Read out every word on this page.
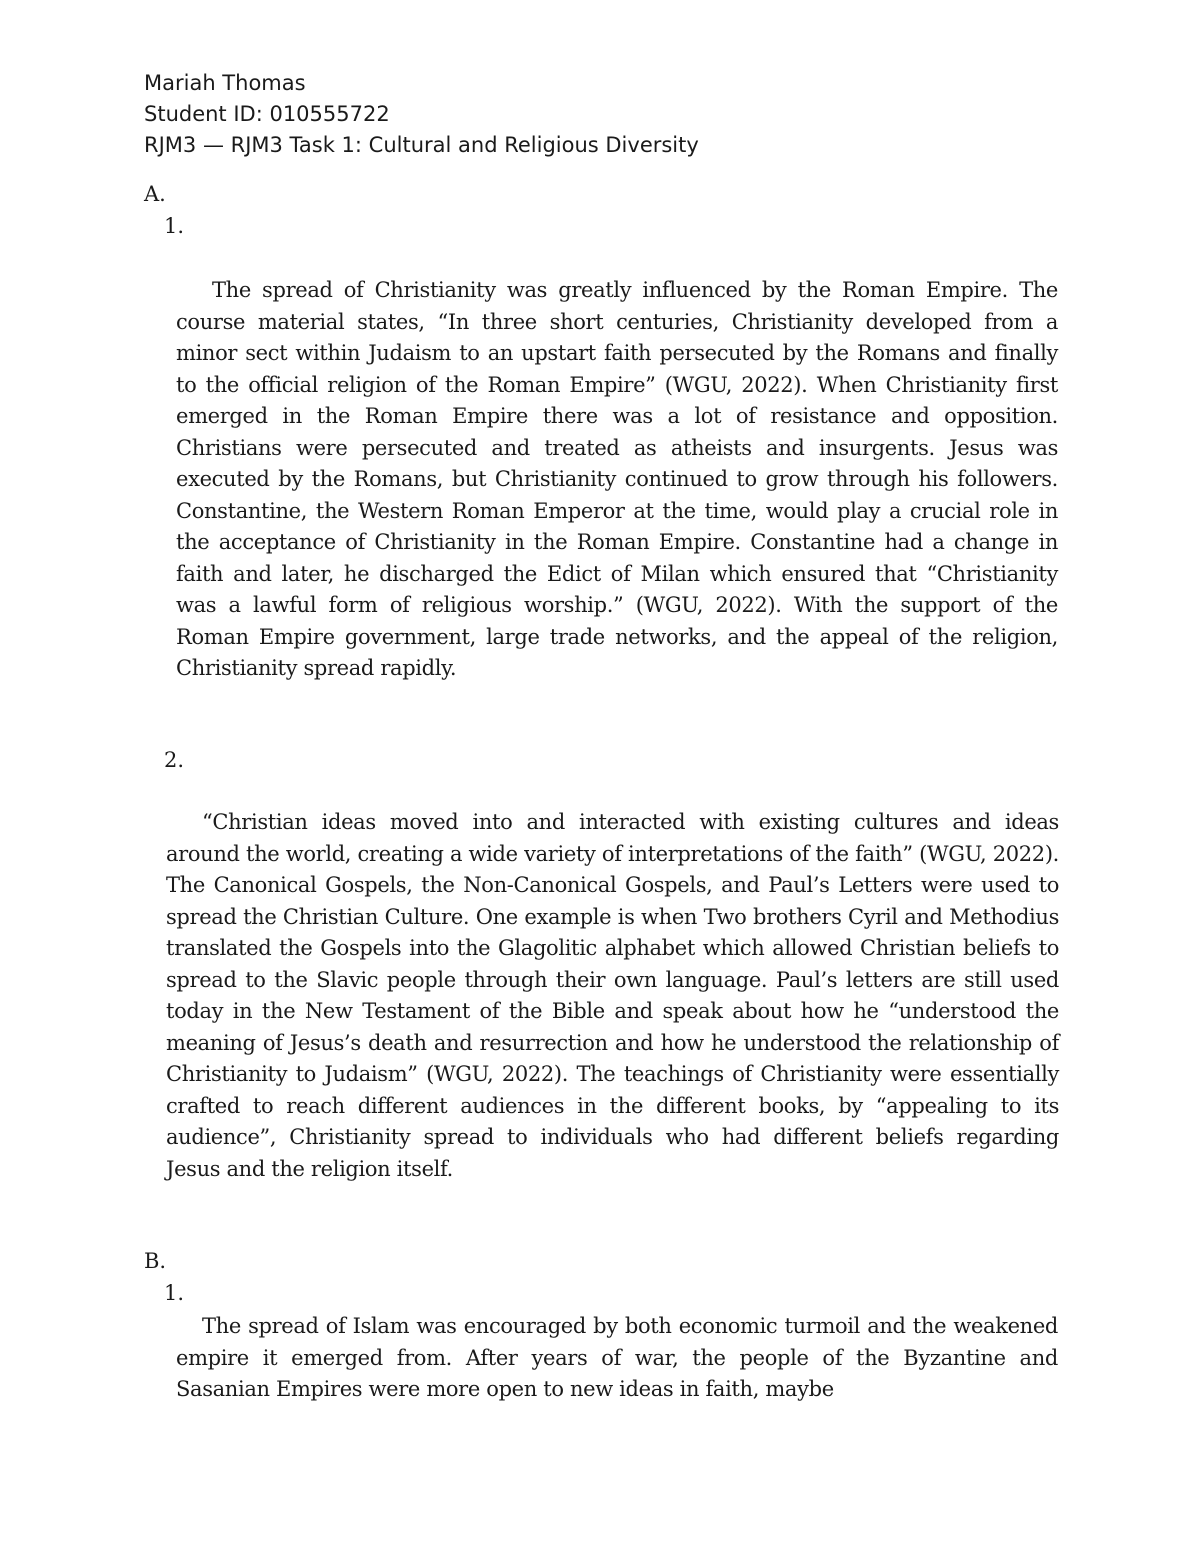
Mariah Thomas
Student ID: 010555722
RJM3 — RJM3 Task 1: Cultural and Religious Diversity
A.
1.
The spread of Christianity was greatly influenced by the Roman Empire. The course material states, “In three short centuries, Christianity developed from a minor sect within Judaism to an upstart faith persecuted by the Romans and finally to the official religion of the Roman Empire” (WGU, 2022). When Christianity first emerged in the Roman Empire there was a lot of resistance and opposition. Christians were persecuted and treated as atheists and insurgents. Jesus was executed by the Romans, but Christianity continued to grow through his followers. Constantine, the Western Roman Emperor at the time, would play a crucial role in the acceptance of Christianity in the Roman Empire. Constantine had a change in faith and later, he discharged the Edict of Milan which ensured that “Christianity was a lawful form of religious worship.” (WGU, 2022). With the support of the Roman Empire government, large trade networks, and the appeal of the religion, Christianity spread rapidly.
2.
“Christian ideas moved into and interacted with existing cultures and ideas around the world, creating a wide variety of interpretations of the faith” (WGU, 2022). The Canonical Gospels, the Non-Canonical Gospels, and Paul’s Letters were used to spread the Christian Culture. One example is when Two brothers Cyril and Methodius translated the Gospels into the Glagolitic alphabet which allowed Christian beliefs to spread to the Slavic people through their own language. Paul’s letters are still used today in the New Testament of the Bible and speak about how he “understood the meaning of Jesus’s death and resurrection and how he understood the relationship of Christianity to Judaism” (WGU, 2022). The teachings of Christianity were essentially crafted to reach different audiences in the different books, by “appealing to its audience”, Christianity spread to individuals who had different beliefs regarding Jesus and the religion itself.
B.
1.
The spread of Islam was encouraged by both economic turmoil and the weakened empire it emerged from. After years of war, the people of the Byzantine and Sasanian Empires were more open to new ideas in faith, maybe
